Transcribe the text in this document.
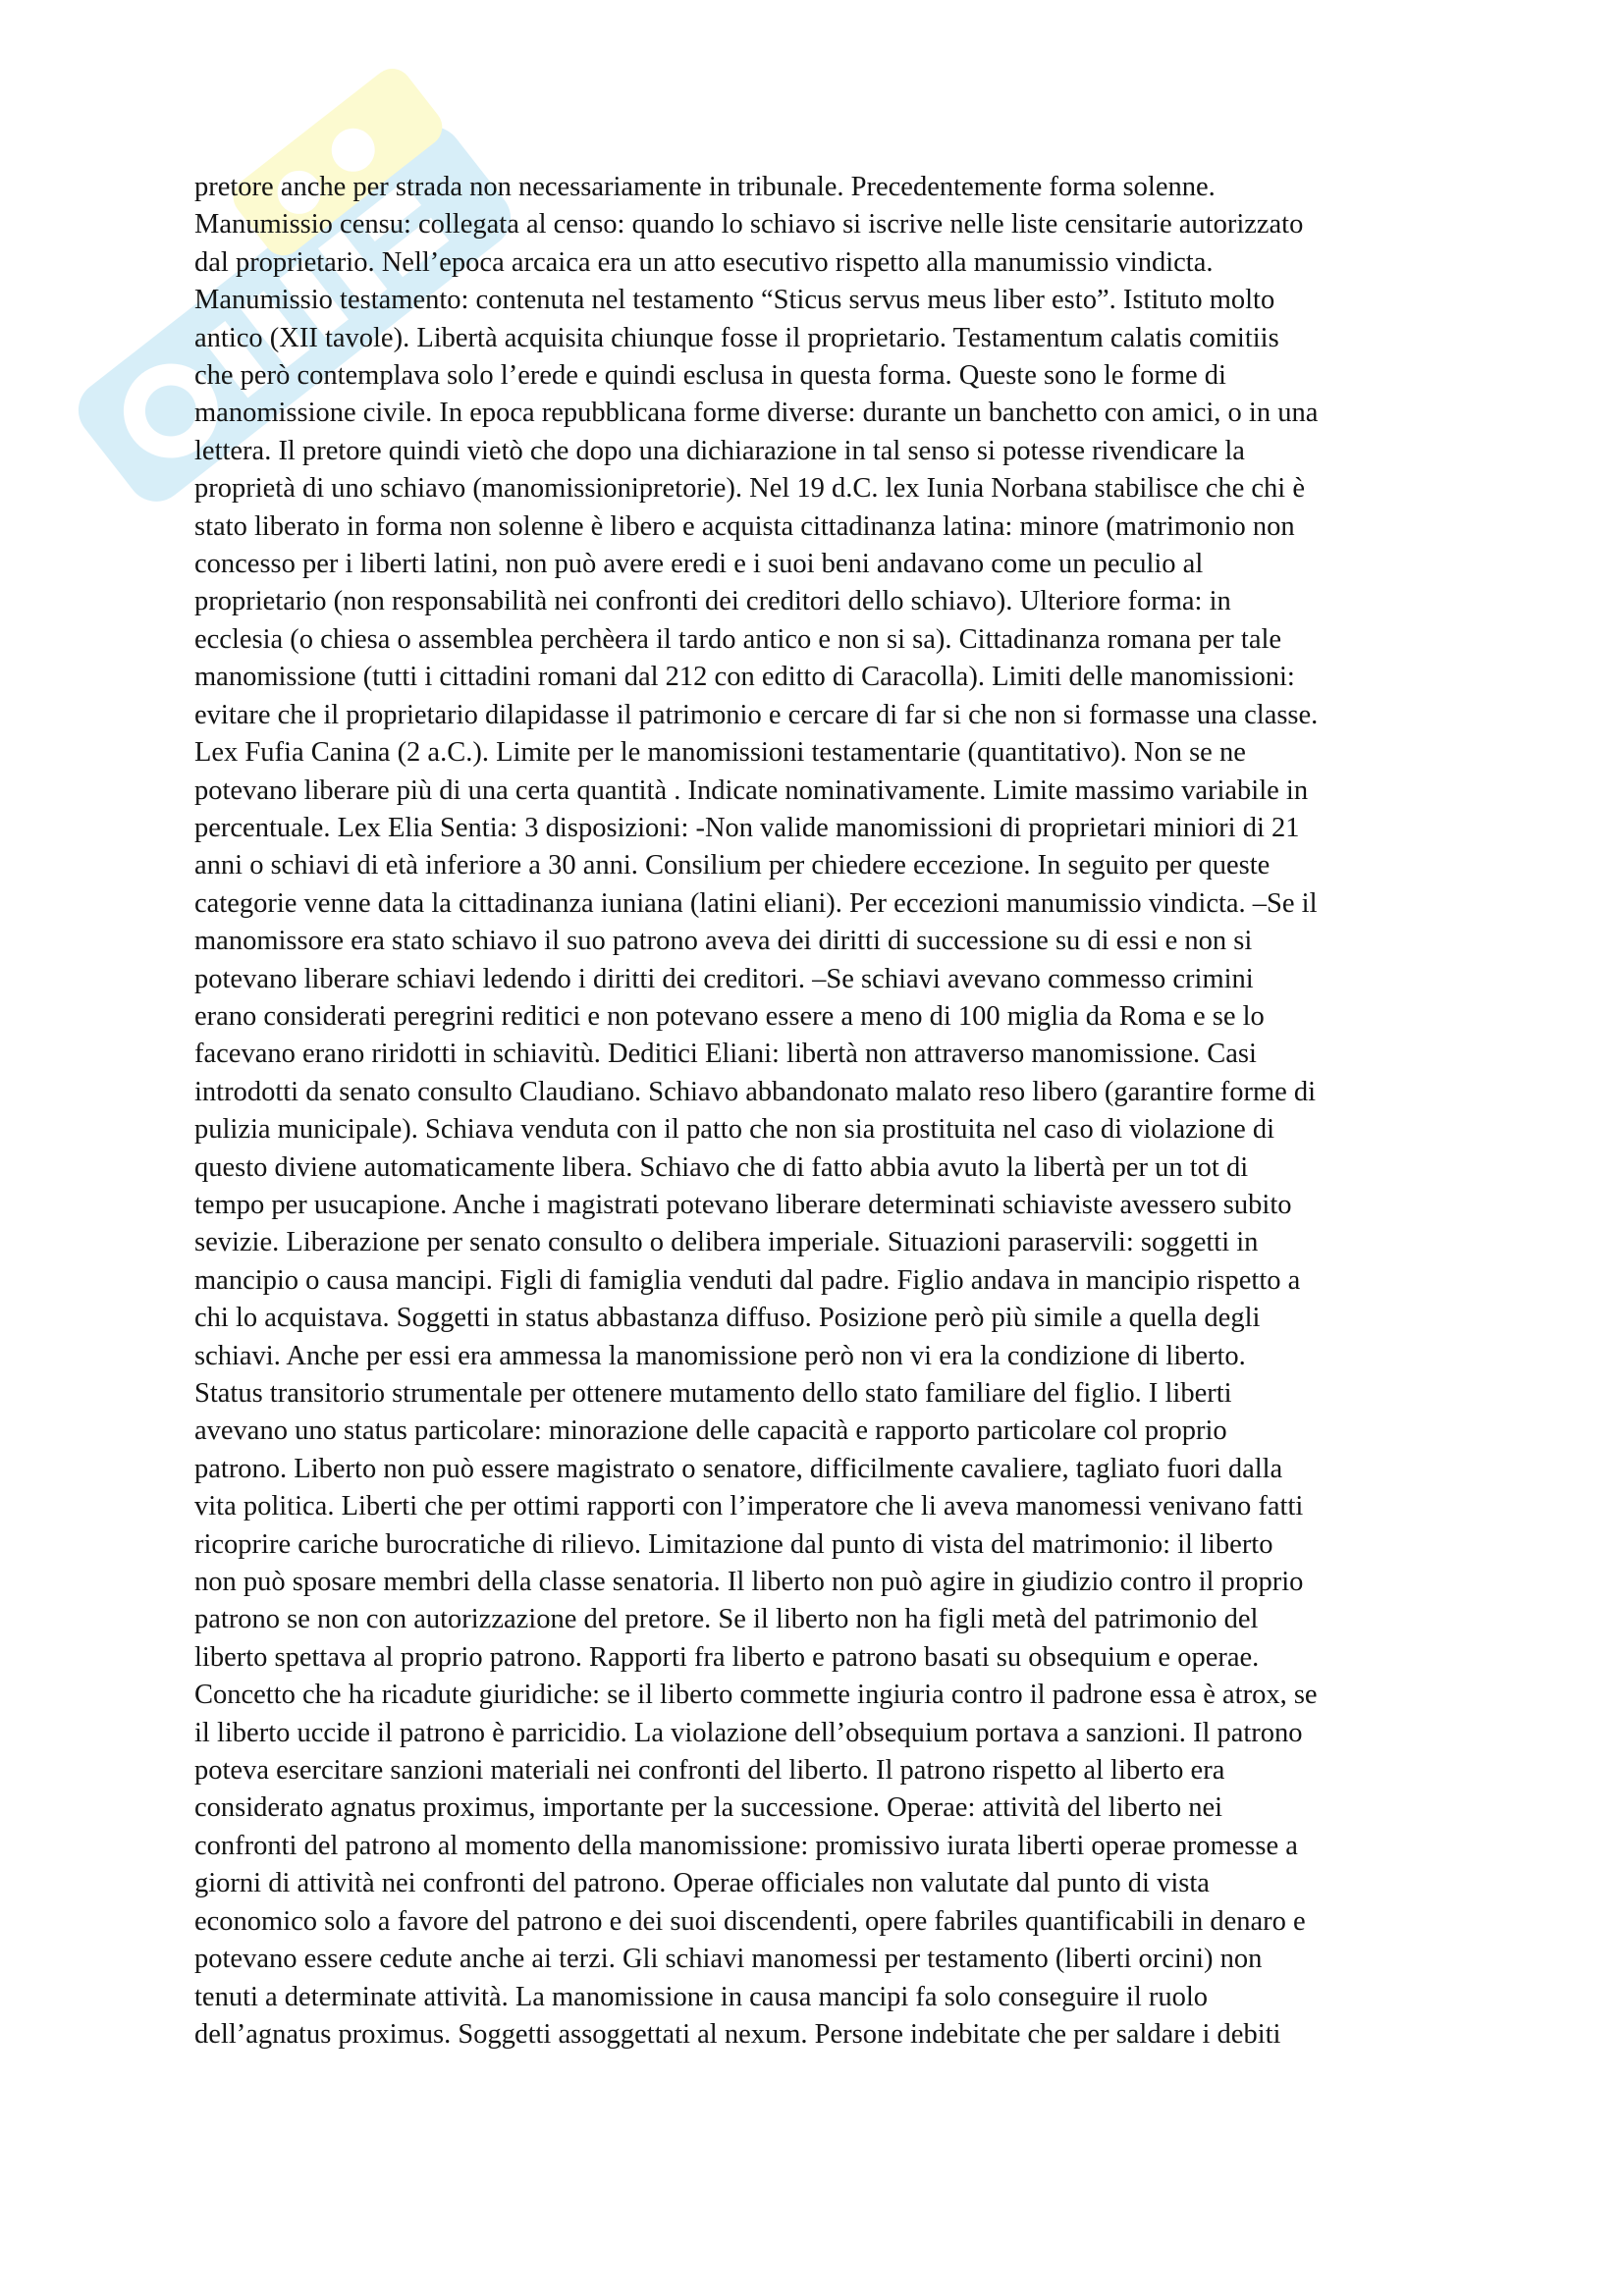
pretore anche per strada non necessariamente in tribunale. Precedentemente forma solenne.
Manumissio censu: collegata al censo: quando lo schiavo si iscrive nelle liste censitarie autorizzato
dal proprietario. Nell’epoca arcaica era un atto esecutivo rispetto alla manumissio vindicta.
Manumissio testamento: contenuta nel testamento “Sticus servus meus liber esto”. Istituto molto
antico (XII tavole). Libertà acquisita chiunque fosse il proprietario. Testamentum calatis comitiis
che però contemplava solo l’erede e quindi esclusa in questa forma. Queste sono le forme di
manomissione civile. In epoca repubblicana forme diverse: durante un banchetto con amici, o in una
lettera. Il pretore quindi vietò che dopo una dichiarazione in tal senso si potesse rivendicare la
proprietà di uno schiavo (manomissionipretorie). Nel 19 d.C. lex Iunia Norbana stabilisce che chi è
stato liberato in forma non solenne è libero e acquista cittadinanza latina: minore (matrimonio non
concesso per i liberti latini, non può avere eredi e i suoi beni andavano come un peculio al
proprietario (non responsabilità nei confronti dei creditori dello schiavo). Ulteriore forma: in
ecclesia (o chiesa o assemblea perchèera il tardo antico e non si sa). Cittadinanza romana per tale
manomissione (tutti i cittadini romani dal 212 con editto di Caracolla). Limiti delle manomissioni:
evitare che il proprietario dilapidasse il patrimonio e cercare di far si che non si formasse una classe.
Lex Fufia Canina (2 a.C.). Limite per le manomissioni testamentarie (quantitativo). Non se ne
potevano liberare più di una certa quantità . Indicate nominativamente. Limite massimo variabile in
percentuale. Lex Elia Sentia: 3 disposizioni: -Non valide manomissioni di proprietari miniori di 21
anni o schiavi di età inferiore a 30 anni. Consilium per chiedere eccezione. In seguito per queste
categorie venne data la cittadinanza iuniana (latini eliani). Per eccezioni manumissio vindicta. –Se il
manomissore era stato schiavo il suo patrono aveva dei diritti di successione su di essi e non si
potevano liberare schiavi ledendo i diritti dei creditori. –Se schiavi avevano commesso crimini
erano considerati peregrini reditici e non potevano essere a meno di 100 miglia da Roma e se lo
facevano erano riridotti in schiavitù. Deditici Eliani: libertà non attraverso manomissione. Casi
introdotti da senato consulto Claudiano. Schiavo abbandonato malato reso libero (garantire forme di
pulizia municipale). Schiava venduta con il patto che non sia prostituita nel caso di violazione di
questo diviene automaticamente libera. Schiavo che di fatto abbia avuto la libertà per un tot di
tempo per usucapione. Anche i magistrati potevano liberare determinati schiaviste avessero subito
sevizie. Liberazione per senato consulto o delibera imperiale. Situazioni paraservili: soggetti in
mancipio o causa mancipi. Figli di famiglia venduti dal padre. Figlio andava in mancipio rispetto a
chi lo acquistava. Soggetti in status abbastanza diffuso. Posizione però più simile a quella degli
schiavi. Anche per essi era ammessa la manomissione però non vi era la condizione di liberto.
Status transitorio strumentale per ottenere mutamento dello stato familiare del figlio. I liberti
avevano uno status particolare: minorazione delle capacità e rapporto particolare col proprio
patrono. Liberto non può essere magistrato o senatore, difficilmente cavaliere, tagliato fuori dalla
vita politica. Liberti che per ottimi rapporti con l’imperatore che li aveva manomessi venivano fatti
ricoprire cariche burocratiche di rilievo. Limitazione dal punto di vista del matrimonio: il liberto
non può sposare membri della classe senatoria. Il liberto non può agire in giudizio contro il proprio
patrono se non con autorizzazione del pretore. Se il liberto non ha figli metà del patrimonio del
liberto spettava al proprio patrono. Rapporti fra liberto e patrono basati su obsequium e operae.
Concetto che ha ricadute giuridiche: se il liberto commette ingiuria contro il padrone essa è atrox, se
il liberto uccide il patrono è parricidio. La violazione dell’obsequium portava a sanzioni. Il patrono
poteva esercitare sanzioni materiali nei confronti del liberto. Il patrono rispetto al liberto era
considerato agnatus proximus, importante per la successione. Operae: attività del liberto nei
confronti del patrono al momento della manomissione: promissivo iurata liberti operae promesse a
giorni di attività nei confronti del patrono. Operae officiales non valutate dal punto di vista
economico solo a favore del patrono e dei suoi discendenti, opere fabriles quantificabili in denaro e
potevano essere cedute anche ai terzi. Gli schiavi manomessi per testamento (liberti orcini) non
tenuti a determinate attività. La manomissione in causa mancipi fa solo conseguire il ruolo
dell’agnatus proximus. Soggetti assoggettati al nexum. Persone indebitate che per saldare i debiti
